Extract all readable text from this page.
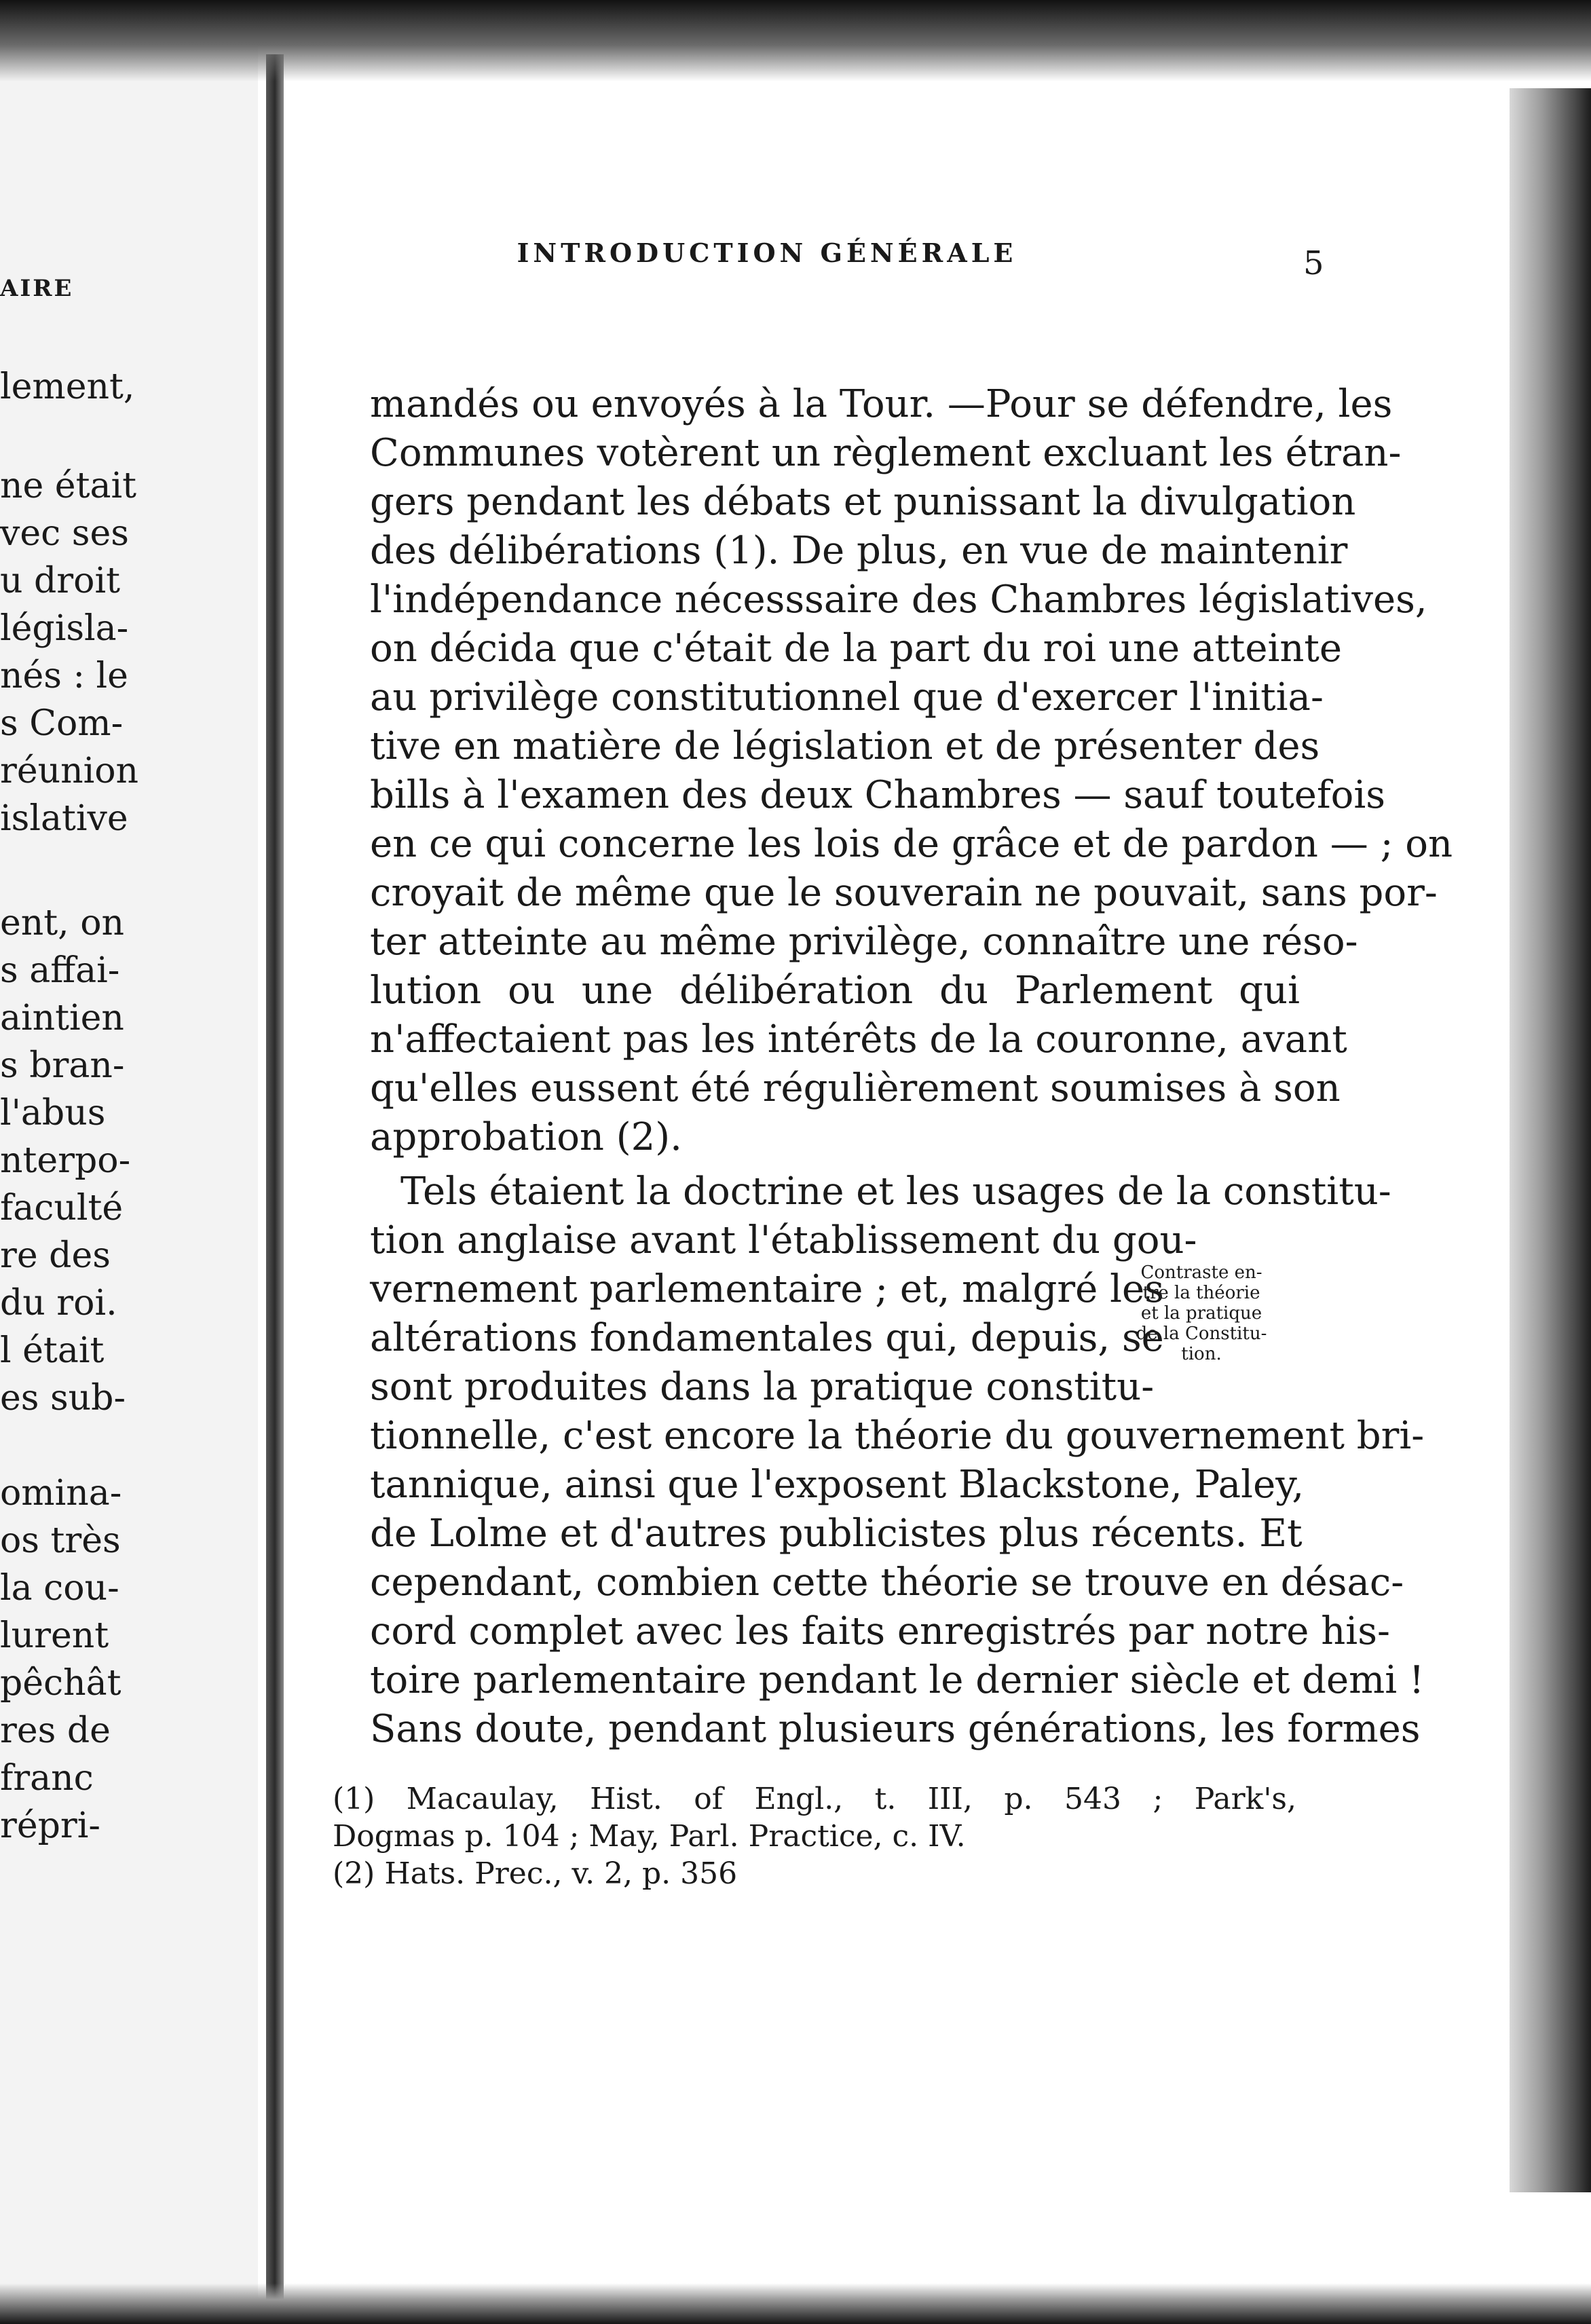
AIRE
lement,
ne était
vec ses
u droit
législa-
nés : le
s Com-
réunion
islative
ent, on
s affai-
aintien
s bran-
l'abus
nterpo-
faculté
re des
du roi.
l était
es sub-
omina-
os très
la cou-
lurent
pêchât
res de
franc
répri-
INTRODUCTION GÉNÉRALE	5
mandés ou envoyés à la Tour. —Pour se défendre, les
Communes votèrent un règlement excluant les étran-
gers pendant les débats et punissant la divulgation
des délibérations (1). De plus, en vue de maintenir
l'indépendance nécesssaire des Chambres législatives,
on décida que c'était de la part du roi une atteinte
au privilège constitutionnel que d'exercer l'initia-
tive en matière de législation et de présenter des
bills à l'examen des deux Chambres — sauf toutefois
en ce qui concerne les lois de grâce et de pardon — ; on
croyait de même que le souverain ne pouvait, sans por-
ter atteinte au même privilège, connaître une réso-
lution ou une délibération du Parlement qui
n'affectaient pas les intérêts de la couronne, avant
qu'elles eussent été régulièrement soumises à son
approbation (2).
Tels étaient la doctrine et les usages de la constitu-
tion anglaise avant l'établissement du gou-
vernement parlementaire ; et, malgré les
altérations fondamentales qui, depuis, se
sont produites dans la pratique constitu-
tionnelle, c'est encore la théorie du gouvernement bri-
tannique, ainsi que l'exposent Blackstone, Paley,
de Lolme et d'autres publicistes plus récents. Et
cependant, combien cette théorie se trouve en désac-
cord complet avec les faits enregistrés par notre his-
toire parlementaire pendant le dernier siècle et demi !
Sans doute, pendant plusieurs générations, les formes
Contraste en-
tre la théorie
et la pratique
de la Constitu-
tion.
(1) Macaulay, Hist. of Engl., t. III, p. 543 ; Park's,
Dogmas p. 104 ; May, Parl. Practice, c. IV.
(2) Hats. Prec., v. 2, p. 356
